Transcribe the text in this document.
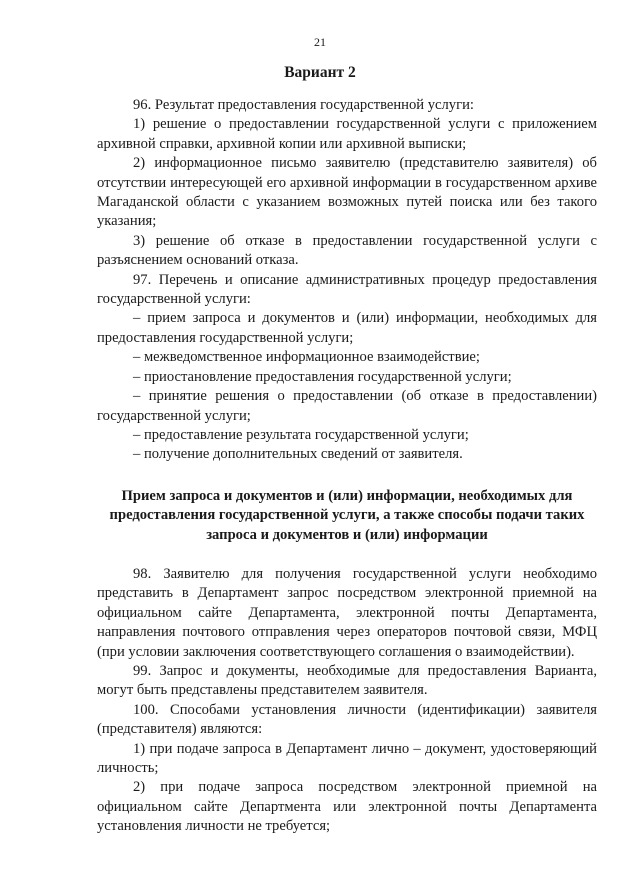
21
Вариант 2

96. Результат предоставления государственной услуги:

1) решение о предоставлении государственной услуги с приложением архивной справки, архивной копии или архивной выписки;

2) информационное письмо заявителю (представителю заявителя) об отсутствии интересующей его архивной информации в государственном архиве Магаданской области с указанием возможных путей поиска или без такого указания;

3) решение об отказе в предоставлении государственной услуги с разъяснением оснований отказа.

97. Перечень и описание административных процедур предоставления государственной услуги:

– прием запроса и документов и (или) информации, необходимых для предоставления государственной услуги;

– межведомственное информационное взаимодействие;

– приостановление предоставления государственной услуги;

– принятие решения о предоставлении (об отказе в предоставлении) государственной услуги;

– предоставление результата государственной услуги;

– получение дополнительных сведений от заявителя.

Прием запроса и документов и (или) информации, необходимых для предоставления государственной услуги, а также способы подачи таких запроса и документов и (или) информации

98. Заявителю для получения государственной услуги необходимо представить в Департамент запрос посредством электронной приемной на официальном сайте Департамента, электронной почты Департамента, направления почтового отправления через операторов почтовой связи, МФЦ (при условии заключения соответствующего соглашения о взаимодействии).

99. Запрос и документы, необходимые для предоставления Варианта, могут быть представлены представителем заявителя.

100. Способами установления личности (идентификации) заявителя (представителя) являются:

1) при подаче запроса в Департамент лично – документ, удостоверяющий личность;

2) при подаче запроса посредством электронной приемной на официальном сайте Департмента или электронной почты Департамента установления личности не требуется;
